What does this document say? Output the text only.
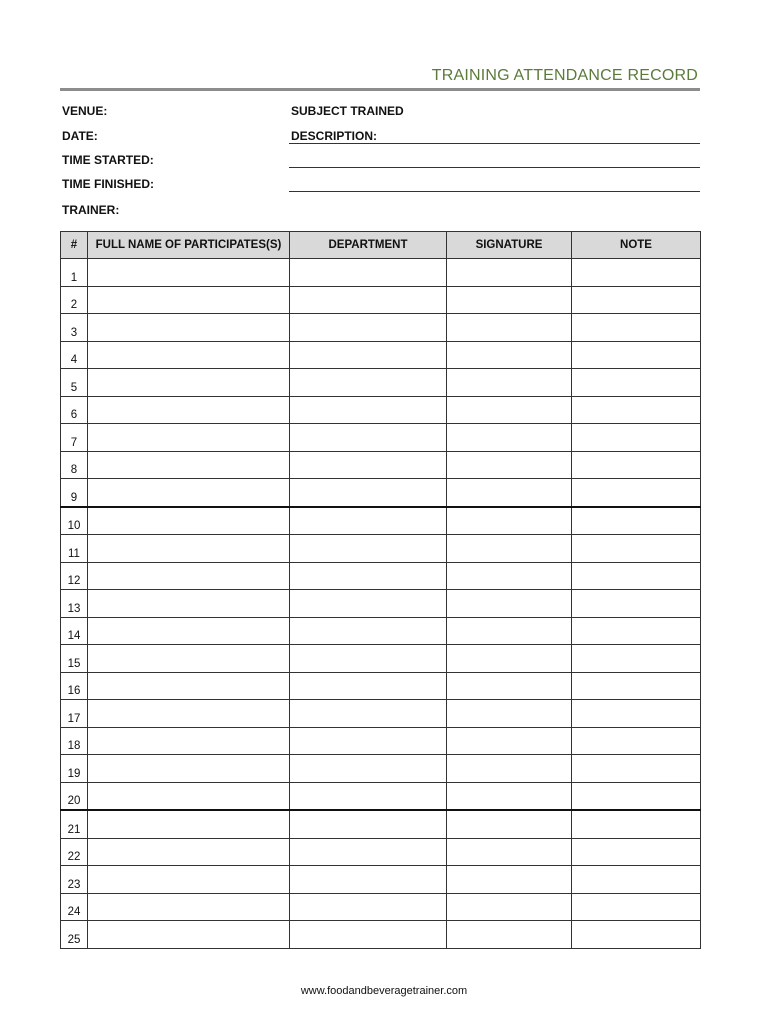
TRAINING ATTENDANCE RECORD
VENUE:	SUBJECT TRAINED
DATE:	DESCRIPTION:
TIME STARTED:
TIME FINISHED:
TRAINER:
#	FULL NAME OF PARTICIPATES(S)	DEPARTMENT	SIGNATURE	NOTE
1				
2				
3				
4				
5				
6				
7				
8				
9				
10				
11				
12				
13				
14				
15				
16				
17				
18				
19				
20				
21				
22				
23				
24				
25				
www.foodandbeveragetrainer.com
